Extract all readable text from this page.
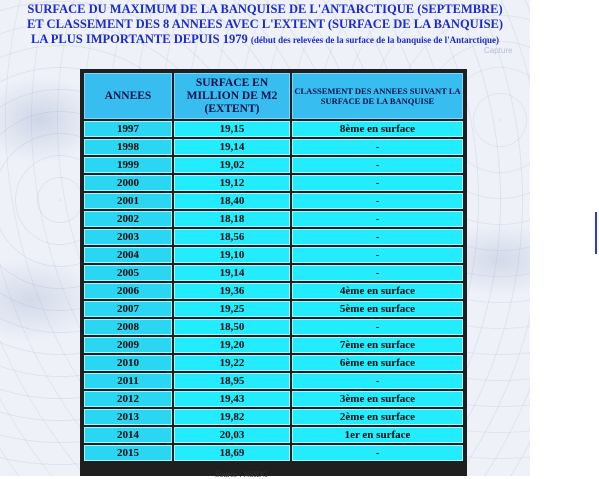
SURFACE DU MAXIMUM DE LA BANQUISE DE L'ANTARCTIQUE (SEPTEMBRE)
ET CLASSEMENT DES 8 ANNEES AVEC L'EXTENT (SURFACE DE LA BANQUISE)
LA PLUS IMPORTANTE DEPUIS 1979 (début des relevées de la surface de la banquise de l'Antarctique)
Capture
ANNEES	SURFACE EN MILLION DE M2 (EXTENT)	CLASSEMENT DES ANNEES SUIVANT LA SURFACE DE LA BANQUISE
1997	19,15	8ème en surface
1998	19,14	-
1999	19,02	-
2000	19,12	-
2001	18,40	-
2002	18,18	-
2003	18,56	-
2004	19,10	-
2005	19,14	-
2006	19,36	4ème en surface
2007	19,25	5ème en surface
2008	18,50	-
2009	19,20	7ème en surface
2010	19,22	6ème en surface
2011	18,95	-
2012	19,43	3ème en surface
2013	19,82	2ème en surface
2014	20,03	1er en surface
2015	18,69	-
Source : NSIDC
